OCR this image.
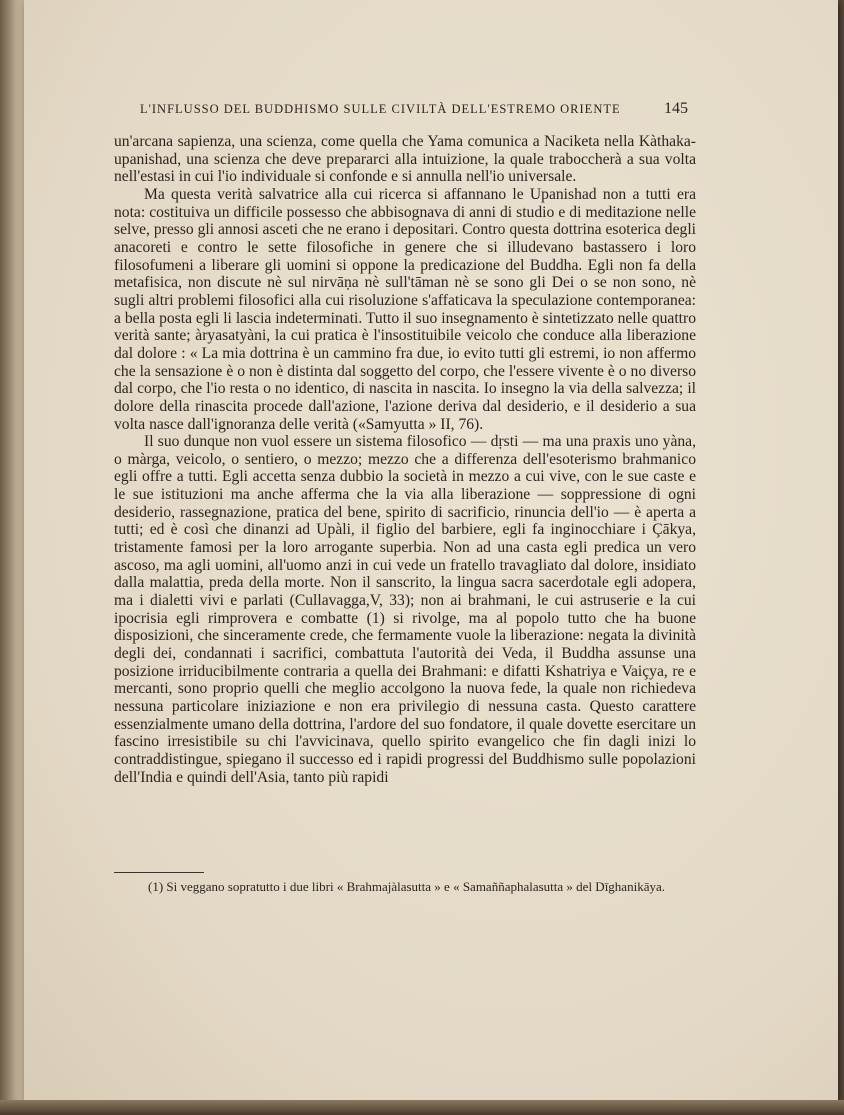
L'INFLUSSO DEL BUDDHISMO SULLE CIVILTÀ DELL'ESTREMO ORIENTE	145

un'arcana sapienza, una scienza, come quella che Yama comunica a Naciketa nella Kàthaka-upanishad, una scienza che deve prepararci alla intuizione, la quale traboccherà a sua volta nell'estasi in cui l'io individuale si confonde e si annulla nell'io universale.

Ma questa verità salvatrice alla cui ricerca si affannano le Upanishad non a tutti era nota: costituiva un difficile possesso che abbisognava di anni di studio e di meditazione nelle selve, presso gli annosi asceti che ne erano i depositari. Contro questa dottrina esoterica degli anacoreti e contro le sette filosofiche in genere che si illudevano bastassero i loro filosofumeni a liberare gli uomini si oppone la predicazione del Buddha. Egli non fa della metafisica, non discute nè sul nirvāṇa nè sull'tāman nè se sono gli Dei o se non sono, nè sugli altri problemi filosofici alla cui risoluzione s'affaticava la speculazione contemporanea: a bella posta egli li lascia indeterminati. Tutto il suo insegnamento è sintetizzato nelle quattro verità sante; àryasatyàni, la cui pratica è l'insostituibile veicolo che conduce alla liberazione dal dolore : « La mia dottrina è un cammino fra due, io evito tutti gli estremi, io non affermo che la sensazione è o non è distinta dal soggetto del corpo, che l'essere vivente è o no diverso dal corpo, che l'io resta o no identico, di nascita in nascita. Io insegno la via della salvezza; il dolore della rinascita procede dall'azione, l'azione deriva dal desiderio, e il desiderio a sua volta nasce dall'ignoranza delle verità («Samyutta » II, 76).

Il suo dunque non vuol essere un sistema filosofico — dṛsti — ma una praxis uno yàna, o màrga, veicolo, o sentiero, o mezzo; mezzo che a differenza dell'esoterismo brahmanico egli offre a tutti. Egli accetta senza dubbio la società in mezzo a cui vive, con le sue caste e le sue istituzioni ma anche afferma che la via alla liberazione — soppressione di ogni desiderio, rassegnazione, pratica del bene, spirito di sacrificio, rinuncia dell'io — è aperta a tutti; ed è così che dinanzi ad Upàli, il figlio del barbiere, egli fa inginocchiare i Çākya, tristamente famosi per la loro arrogante superbia. Non ad una casta egli predica un vero ascoso, ma agli uomini, all'uomo anzi in cui vede un fratello travagliato dal dolore, insidiato dalla malattia, preda della morte. Non il sanscrito, la lingua sacra sacerdotale egli adopera, ma i dialetti vivi e parlati (Cullavagga,V, 33); non ai brahmani, le cui astruserie e la cui ipocrisia egli rimprovera e combatte (1) si rivolge, ma al popolo tutto che ha buone disposizioni, che sinceramente crede, che fermamente vuole la liberazione: negata la divinità degli dei, condannati i sacrifici, combattuta l'autorità dei Veda, il Buddha assunse una posizione irriducibilmente contraria a quella dei Brahmani: e difatti Kshatriya e Vaiçya, re e mercanti, sono proprio quelli che meglio accolgono la nuova fede, la quale non richiedeva nessuna particolare iniziazione e non era privilegio di nessuna casta. Questo carattere essenzialmente umano della dottrina, l'ardore del suo fondatore, il quale dovette esercitare un fascino irresistibile su chi l'avvicinava, quello spirito evangelico che fin dagli inizi lo contraddistingue, spiegano il successo ed i rapidi progressi del Buddhismo sulle popolazioni dell'India e quindi dell'Asia, tanto più rapidi

(1) Si veggano sopratutto i due libri « Brahmajàlasutta » e « Samaññaphalasutta » del Dīghanikāya.
